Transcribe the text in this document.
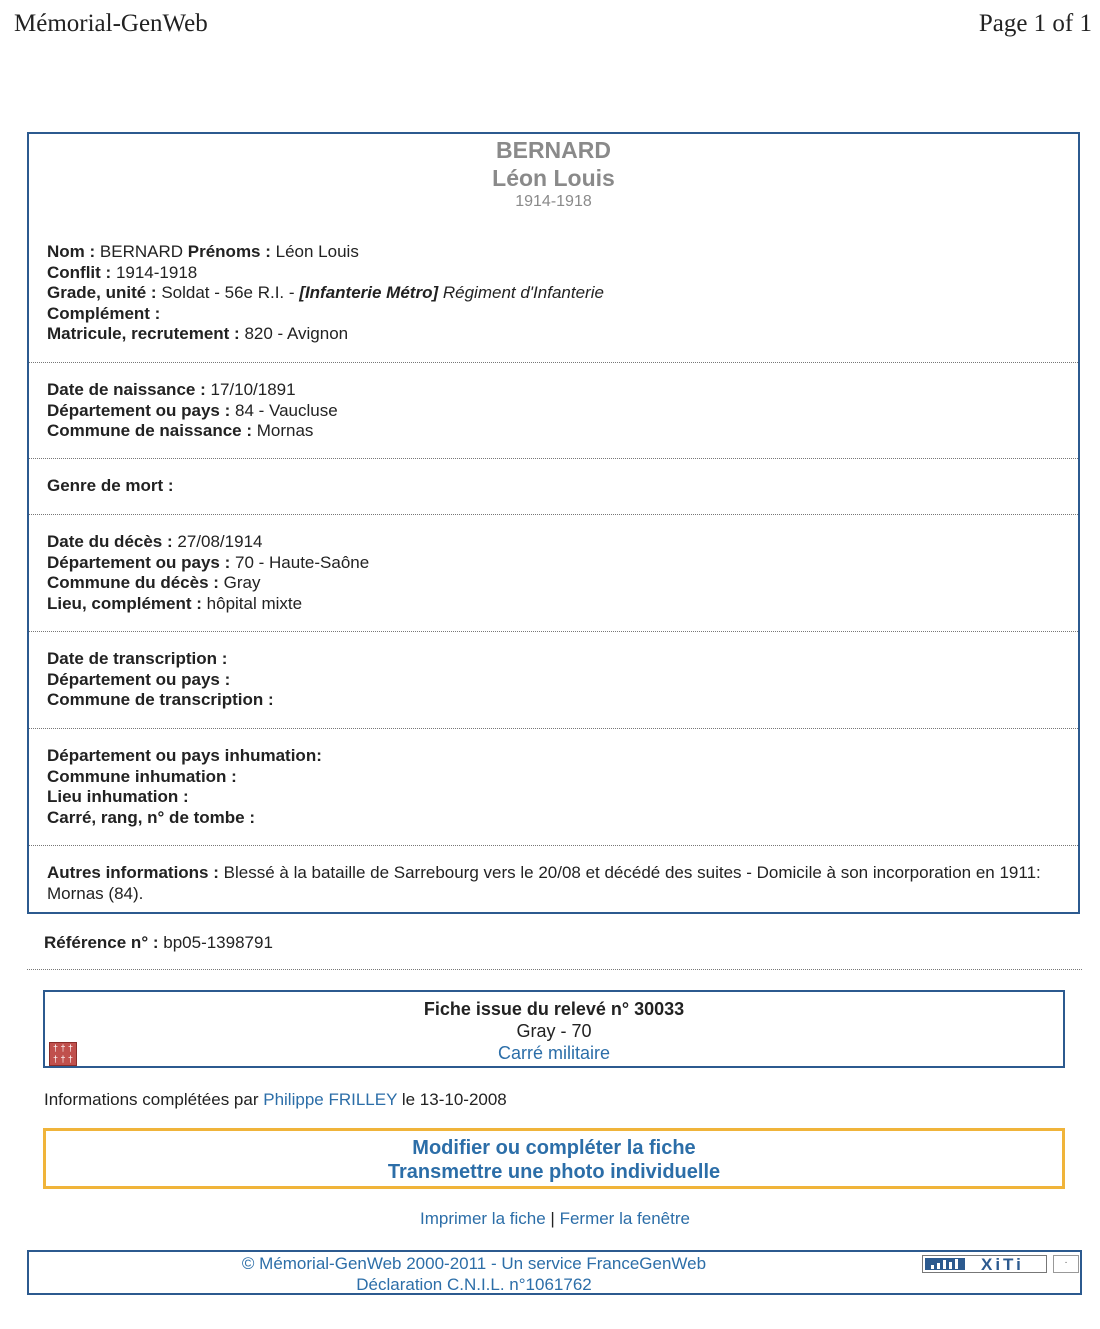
Mémorial-GenWeb	Page 1 of 1
BERNARD
Léon Louis
1914-1918
Nom : BERNARD Prénoms : Léon Louis
Conflit : 1914-1918
Grade, unité : Soldat - 56e R.I. - [Infanterie Métro] Régiment d'Infanterie
Complément :
Matricule, recrutement : 820 - Avignon
Date de naissance : 17/10/1891
Département ou pays : 84 - Vaucluse
Commune de naissance : Mornas
Genre de mort :
Date du décès : 27/08/1914
Département ou pays : 70 - Haute-Saône
Commune du décès : Gray
Lieu, complément : hôpital mixte
Date de transcription :
Département ou pays :
Commune de transcription :
Département ou pays inhumation:
Commune inhumation :
Lieu inhumation :
Carré, rang, n° de tombe :
Autres informations : Blessé à la bataille de Sarrebourg vers le 20/08 et décédé des suites - Domicile à son incorporation en 1911: Mornas (84).
Référence n° : bp05-1398791
Fiche issue du relevé n° 30033
Gray - 70
Carré militaire
† † † † † †
Informations complétées par Philippe FRILLEY le 13-10-2008
Modifier ou compléter la fiche
Transmettre une photo individuelle
Imprimer la fiche | Fermer la fenêtre
© Mémorial-GenWeb 2000-2011 - Un service FranceGenWeb
Déclaration C.N.I.L. n°1061762
XiTi	·
